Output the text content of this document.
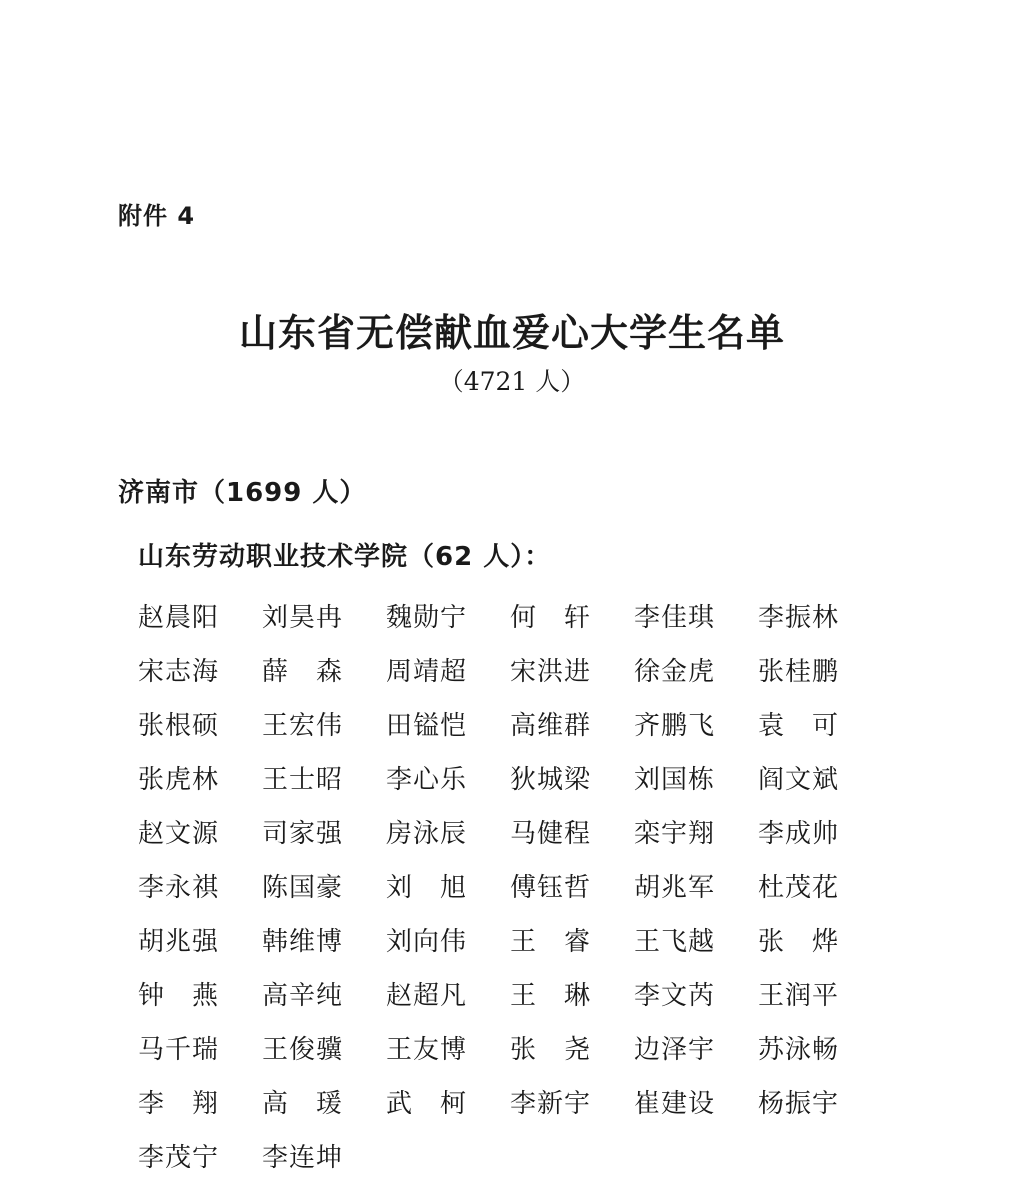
附件 4
山东省无偿献血爱心大学生名单
（4721 人）
济南市（1699 人）
山东劳动职业技术学院（62 人）：
赵晨阳	刘昊冉	魏勋宁	何　轩	李佳琪	李振林
宋志海	薛　森	周靖超	宋洪进	徐金虎	张桂鹏
张根硕	王宏伟	田镒恺	高维群	齐鹏飞	袁　可
张虎林	王士昭	李心乐	狄城梁	刘国栋	阎文斌
赵文源	司家强	房泳辰	马健程	栾宇翔	李成帅
李永祺	陈国豪	刘　旭	傅钰哲	胡兆军	杜茂花
胡兆强	韩维博	刘向伟	王　睿	王飞越	张　烨
钟　燕	高辛纯	赵超凡	王　琳	李文芮	王润平
马千瑞	王俊骥	王友博	张　尧	边泽宇	苏泳畅
李　翔	高　瑗	武　柯	李新宇	崔建设	杨振宇
李茂宁	李连坤
